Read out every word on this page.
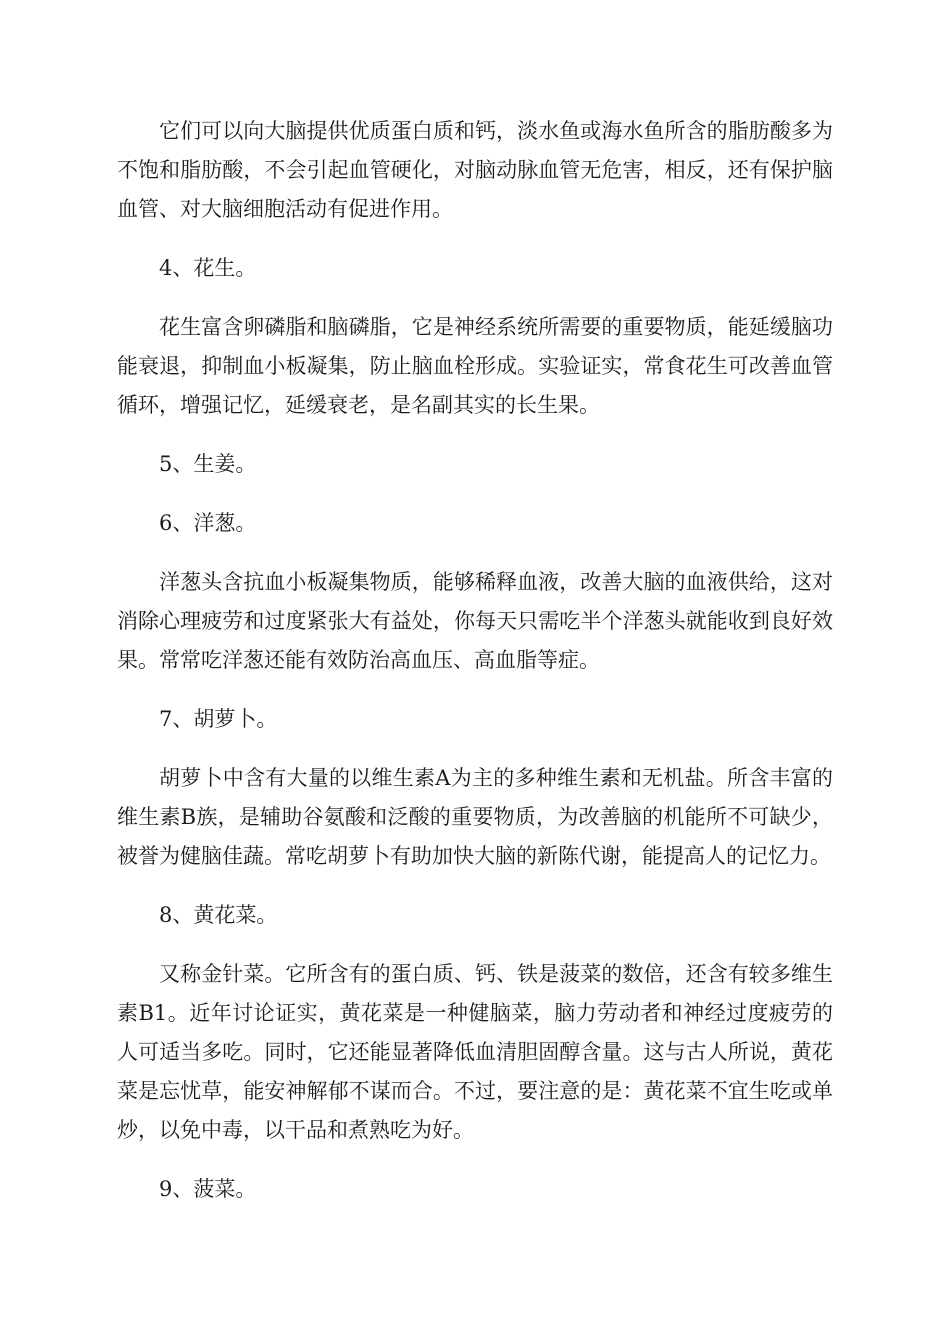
它们可以向大脑提供优质蛋白质和钙，淡水鱼或海水鱼所含的脂肪酸多为不饱和脂肪酸，不会引起血管硬化，对脑动脉血管无危害，相反，还有保护脑血管、对大脑细胞活动有促进作用。

4、花生。

花生富含卵磷脂和脑磷脂，它是神经系统所需要的重要物质，能延缓脑功能衰退，抑制血小板凝集，防止脑血栓形成。实验证实，常食花生可改善血管循环，增强记忆，延缓衰老，是名副其实的长生果。

5、生姜。

6、洋葱。

洋葱头含抗血小板凝集物质，能够稀释血液，改善大脑的血液供给，这对消除心理疲劳和过度紧张大有益处，你每天只需吃半个洋葱头就能收到良好效果。常常吃洋葱还能有效防治高血压、高血脂等症。

7、胡萝卜。

胡萝卜中含有大量的以维生素A为主的多种维生素和无机盐。所含丰富的维生素B族，是辅助谷氨酸和泛酸的重要物质，为改善脑的机能所不可缺少，被誉为健脑佳蔬。常吃胡萝卜有助加快大脑的新陈代谢，能提高人的记忆力。

8、黄花菜。

又称金针菜。它所含有的蛋白质、钙、铁是菠菜的数倍，还含有较多维生素B1。近年讨论证实，黄花菜是一种健脑菜，脑力劳动者和神经过度疲劳的人可适当多吃。同时，它还能显著降低血清胆固醇含量。这与古人所说，黄花菜是忘忧草，能安神解郁不谋而合。不过，要注意的是：黄花菜不宜生吃或单炒，以免中毒，以干品和煮熟吃为好。

9、菠菜。
